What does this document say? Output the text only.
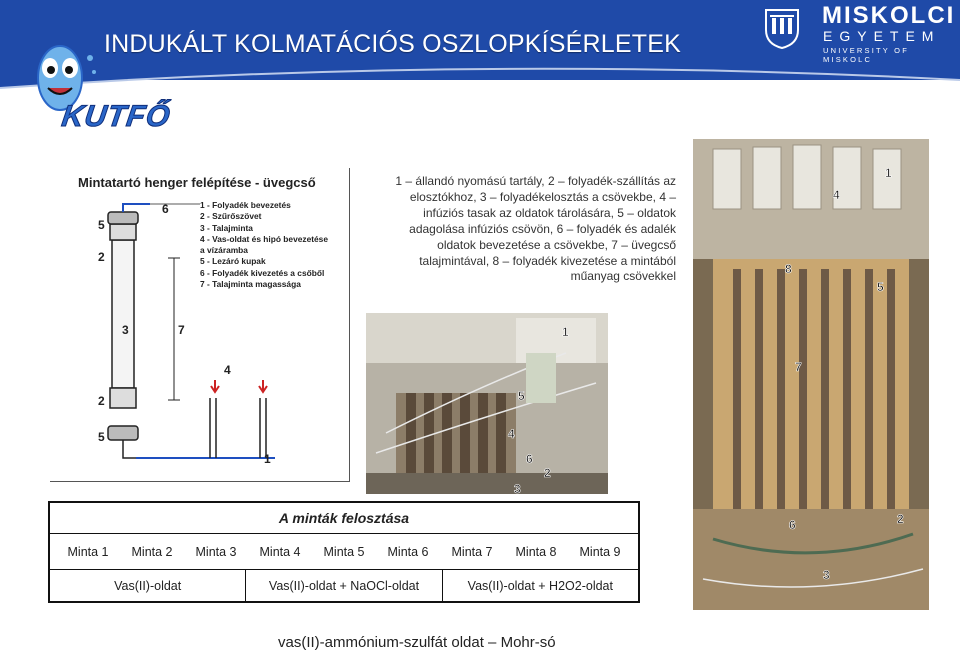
INDUKÁLT KOLMATÁCIÓS OSZLOPKÍSÉRLETEK
KUTFŐ
MISKOLCI
EGYETEM
UNIVERSITY OF MISKOLC
Mintatartó henger felépítése - üvegcső
6
5
2
3	7
4
2
5
1
1 - Folyadék bevezetés
2 - Szűrőszövet
3 - Talajminta
4 - Vas-oldat és hipó bevezetése
a vízáramba
5 - Lezáró kupak
6 - Folyadék kivezetés a csőből
7 - Talajminta magassága
1 – állandó nyomású tartály, 2 – folyadék-szállítás az elosztókhoz, 3 – folyadékelosztás a csövekbe, 4 – infúziós tasak az oldatok tárolására, 5 – oldatok adagolása infúziós csövön, 6 – folyadék és adalék oldatok bevezetése a csövekbe, 7 – üvegcső talajmintával, 8 – folyadék kivezetése a mintából műanyag csövekkel
1
5
4
6
2
3
1
4
8
5
7
6	2
3
A minták felosztása
Minta 1 Minta 2 Minta 3 Minta 4 Minta 5 Minta 6 Minta 7 Minta 8 Minta 9
Vas(II)-oldat	Vas(II)-oldat + NaOCl-oldat	Vas(II)-oldat + H2O2-oldat
vas(II)-ammónium-szulfát oldat – Mohr-só
